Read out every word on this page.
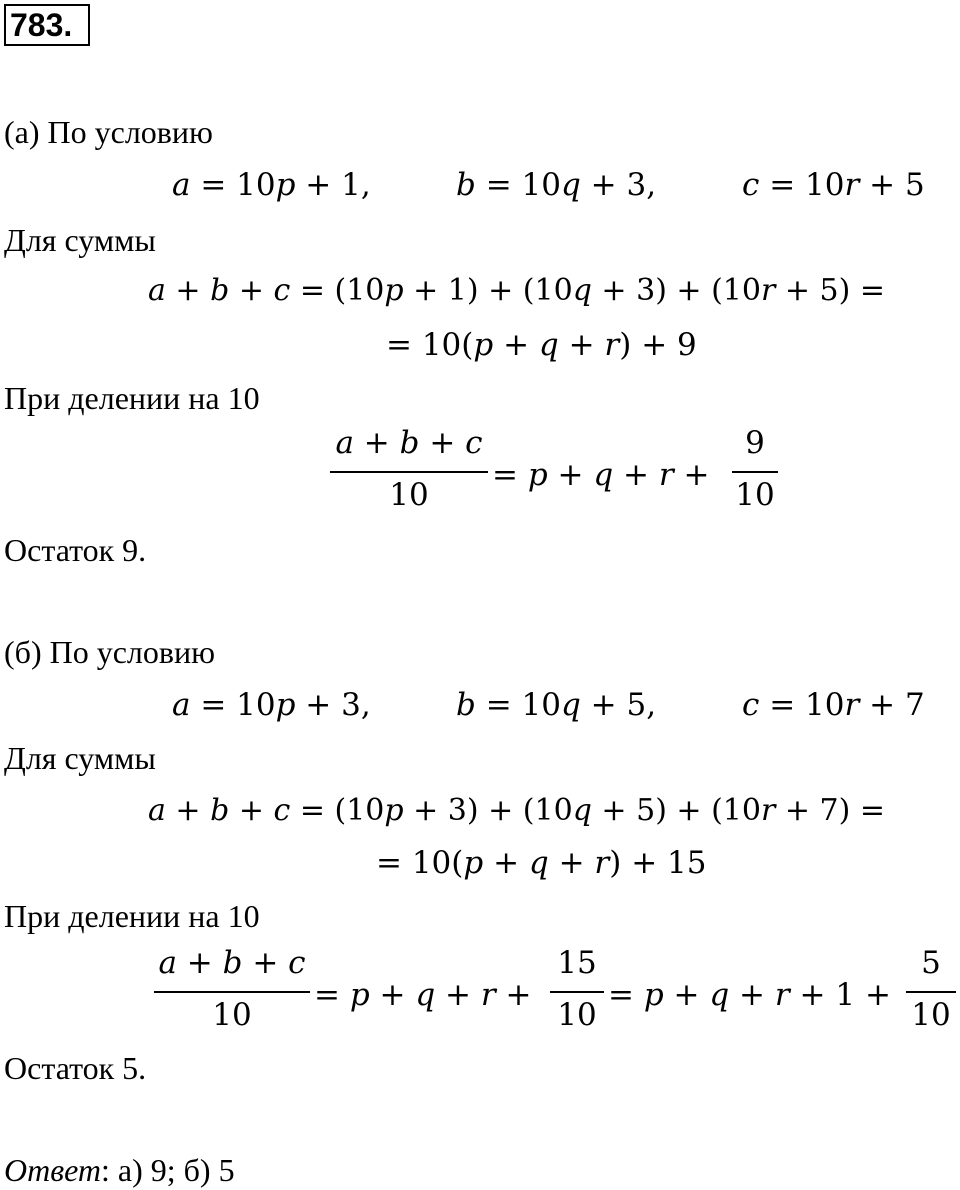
783.
(а) По условию
𝑎 = 10𝑝 + 1,	𝑏 = 10𝑞 + 3,	𝑐 = 10𝑟 + 5
Для суммы
𝑎 + 𝑏 + 𝑐 = (10𝑝 + 1) + (10𝑞 + 3) + (10𝑟 + 5) =
= 10(𝑝 + 𝑞 + 𝑟) + 9
При делении на 10
𝑎 + 𝑏 + 𝑐
10
= 𝑝 + 𝑞 + 𝑟 +
9
10
Остаток 9.
(б) По условию
𝑎 = 10𝑝 + 3,	𝑏 = 10𝑞 + 5,	𝑐 = 10𝑟 + 7
Для суммы
𝑎 + 𝑏 + 𝑐 = (10𝑝 + 3) + (10𝑞 + 5) + (10𝑟 + 7) =
= 10(𝑝 + 𝑞 + 𝑟) + 15
При делении на 10
𝑎 + 𝑏 + 𝑐
10
= 𝑝 + 𝑞 + 𝑟 +
15
10
= 𝑝 + 𝑞 + 𝑟 + 1 +
5
10
Остаток 5.
Ответ: а) 9; б) 5
